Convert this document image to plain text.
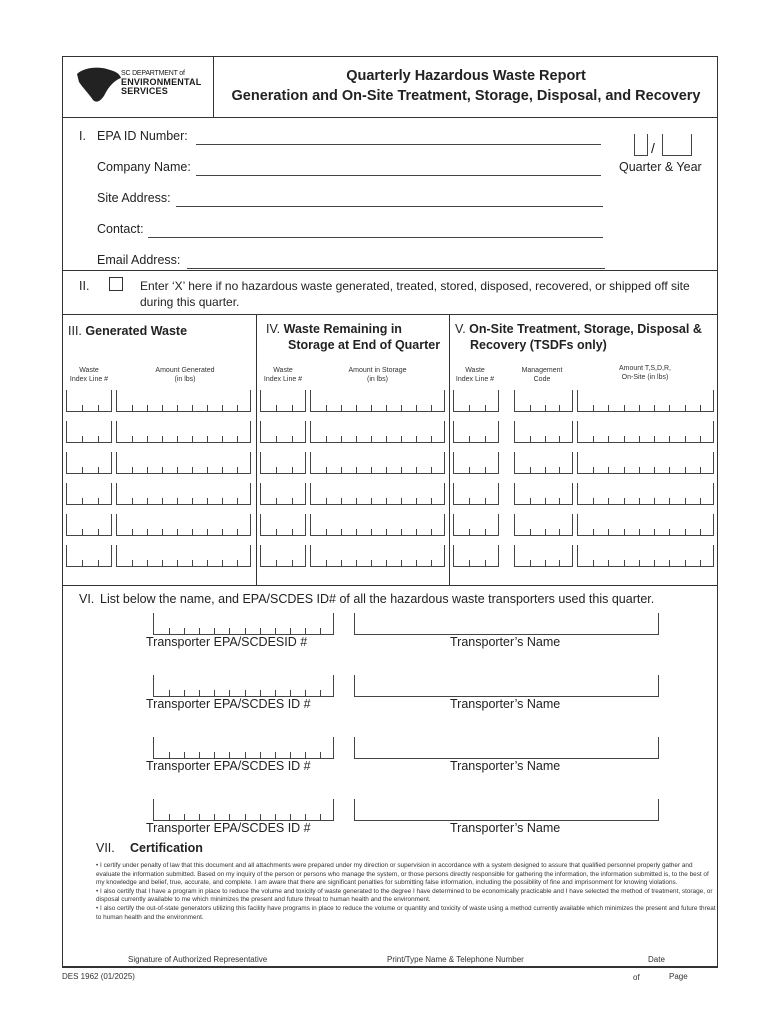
SC DEPARTMENT of
ENVIRONMENTAL
SERVICES
Quarterly Hazardous Waste Report
Generation and On-Site Treatment, Storage, Disposal, and Recovery
I. EPA ID Number:
Company Name:
Site Address:
Contact:
Email Address:
/
Quarter & Year
II.	Enter ‘X’ here if no hazardous waste generated, treated, stored, disposed, recovered, or shipped off site
during this quarter.
III. Generated Waste
Waste
Index Line #
Amount Generated
(in lbs)
IV. Waste Remaining in
Storage at End of Quarter
Waste
Index Line #
Amount in Storage
(in lbs)
V. On-Site Treatment, Storage, Disposal &
Recovery (TSDFs only)
Waste
Index Line #
Management
Code
Amount T,S,D,R,
On-Site (in lbs)
VI. List below the name, and EPA/SCDES ID# of all the hazardous waste transporters used this quarter.
Transporter EPA/SCDESID #	Transporter’s Name
Transporter EPA/SCDES ID #	Transporter’s Name
Transporter EPA/SCDES ID #	Transporter’s Name
Transporter EPA/SCDES ID #	Transporter’s Name
VII. Certification
• I certify under penalty of law that this document and all attachments were prepared under my direction or supervision in accordance with a system designed to assure that qualified personnel properly gather and evaluate the information submitted. Based on my inquiry of the person or persons who manage the system, or those persons directly responsible for gathering the information, the information submitted is, to the best of my knowledge and belief, true, accurate, and complete. I am aware that there are significant penalties for submitting false information, including the possibility of fine and imprisonment for knowing violations.
• I also certify that I have a program in place to reduce the volume and toxicity of waste generated to the degree I have determined to be economically practicable and I have selected the method of treatment, storage, or disposal currently available to me which minimizes the present and future threat to human health and the environment.
• I also certify the out-of-state generators utilizing this facility have programs in place to reduce the volume or quantity and toxicity of waste using a method currently available which minimizes the present and future threat to human health and the environment.
Signature of Authorized Representative	Print/Type Name & Telephone Number	Date
DES 1962 (01/2025)	of	Page
